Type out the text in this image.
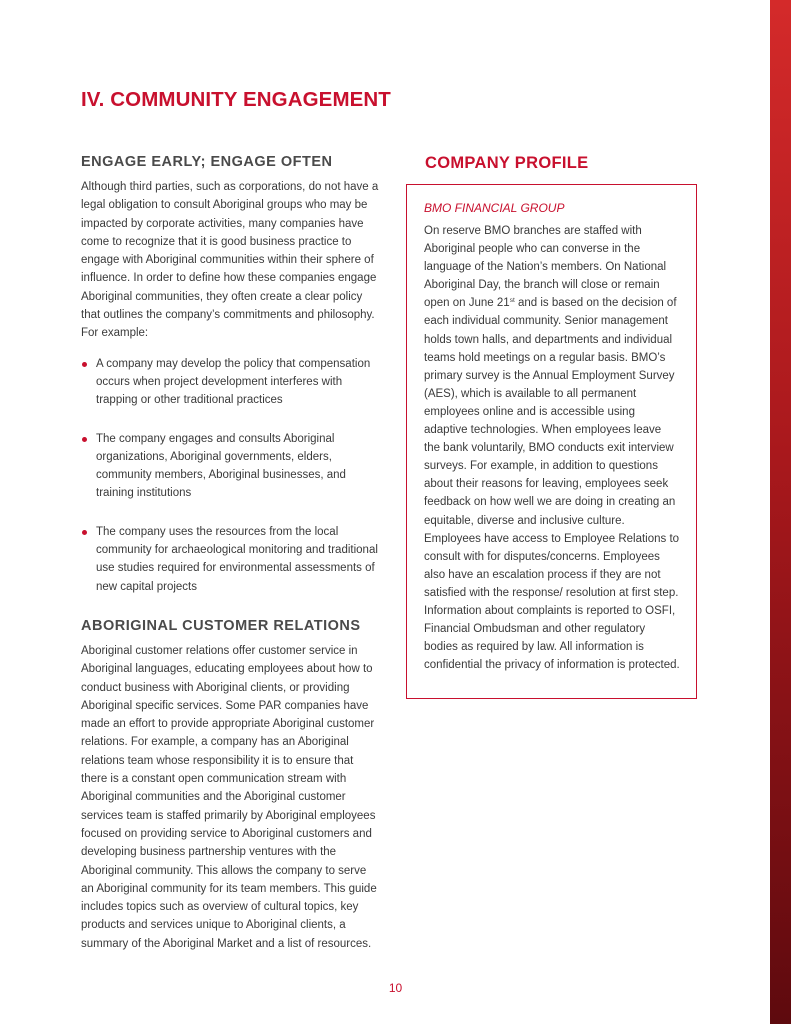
IV. COMMUNITY ENGAGEMENT
ENGAGE EARLY; ENGAGE OFTEN

Although third parties, such as corporations, do not have a legal obligation to consult Aboriginal groups who may be impacted by corporate activities, many companies have come to recognize that it is good business practice to engage with Aboriginal communities within their sphere of influence. In order to define how these companies engage Aboriginal communities, they often create a clear policy that outlines the company’s commitments and philosophy. For example:

A company may develop the policy that compensation occurs when project development interferes with trapping or other traditional practices
The company engages and consults Aboriginal organizations, Aboriginal governments, elders, community members, Aboriginal businesses, and training institutions
The company uses the resources from the local community for archaeological monitoring and traditional use studies required for environmental assessments of new capital projects
ABORIGINAL CUSTOMER RELATIONS

Aboriginal customer relations offer customer service in Aboriginal languages, educating employees about how to conduct business with Aboriginal clients, or providing Aboriginal specific services. Some PAR companies have made an effort to provide appropriate Aboriginal customer relations. For example, a company has an Aboriginal relations team whose responsibility it is to ensure that there is a constant open communication stream with Aboriginal communities and the Aboriginal customer services team is staffed primarily by Aboriginal employees focused on providing service to Aboriginal customers and developing business partnership ventures with the Aboriginal community. This allows the company to serve an Aboriginal community for its team members. This guide includes topics such as overview of cultural topics, key products and services unique to Aboriginal clients, a summary of the Aboriginal Market and a list of resources.

COMPANY PROFILE

BMO FINANCIAL GROUP

On reserve BMO branches are staffed with Aboriginal people who can converse in the language of the Nation’s members. On National Aboriginal Day, the branch will close or remain open on June 21st and is based on the decision of each individual community. Senior management holds town halls, and departments and individual teams hold meetings on a regular basis. BMO’s primary survey is the Annual Employment Survey (AES), which is available to all permanent employees online and is accessible using adaptive technologies. When employees leave the bank voluntarily, BMO conducts exit interview surveys. For example, in addition to questions about their reasons for leaving, employees seek feedback on how well we are doing in creating an equitable, diverse and inclusive culture. Employees have access to Employee Relations to consult with for disputes/concerns. Employees also have an escalation process if they are not satisfied with the response/ resolution at first step. Information about complaints is reported to OSFI, Financial Ombudsman and other regulatory bodies as required by law. All information is confidential the privacy of information is protected.

10
